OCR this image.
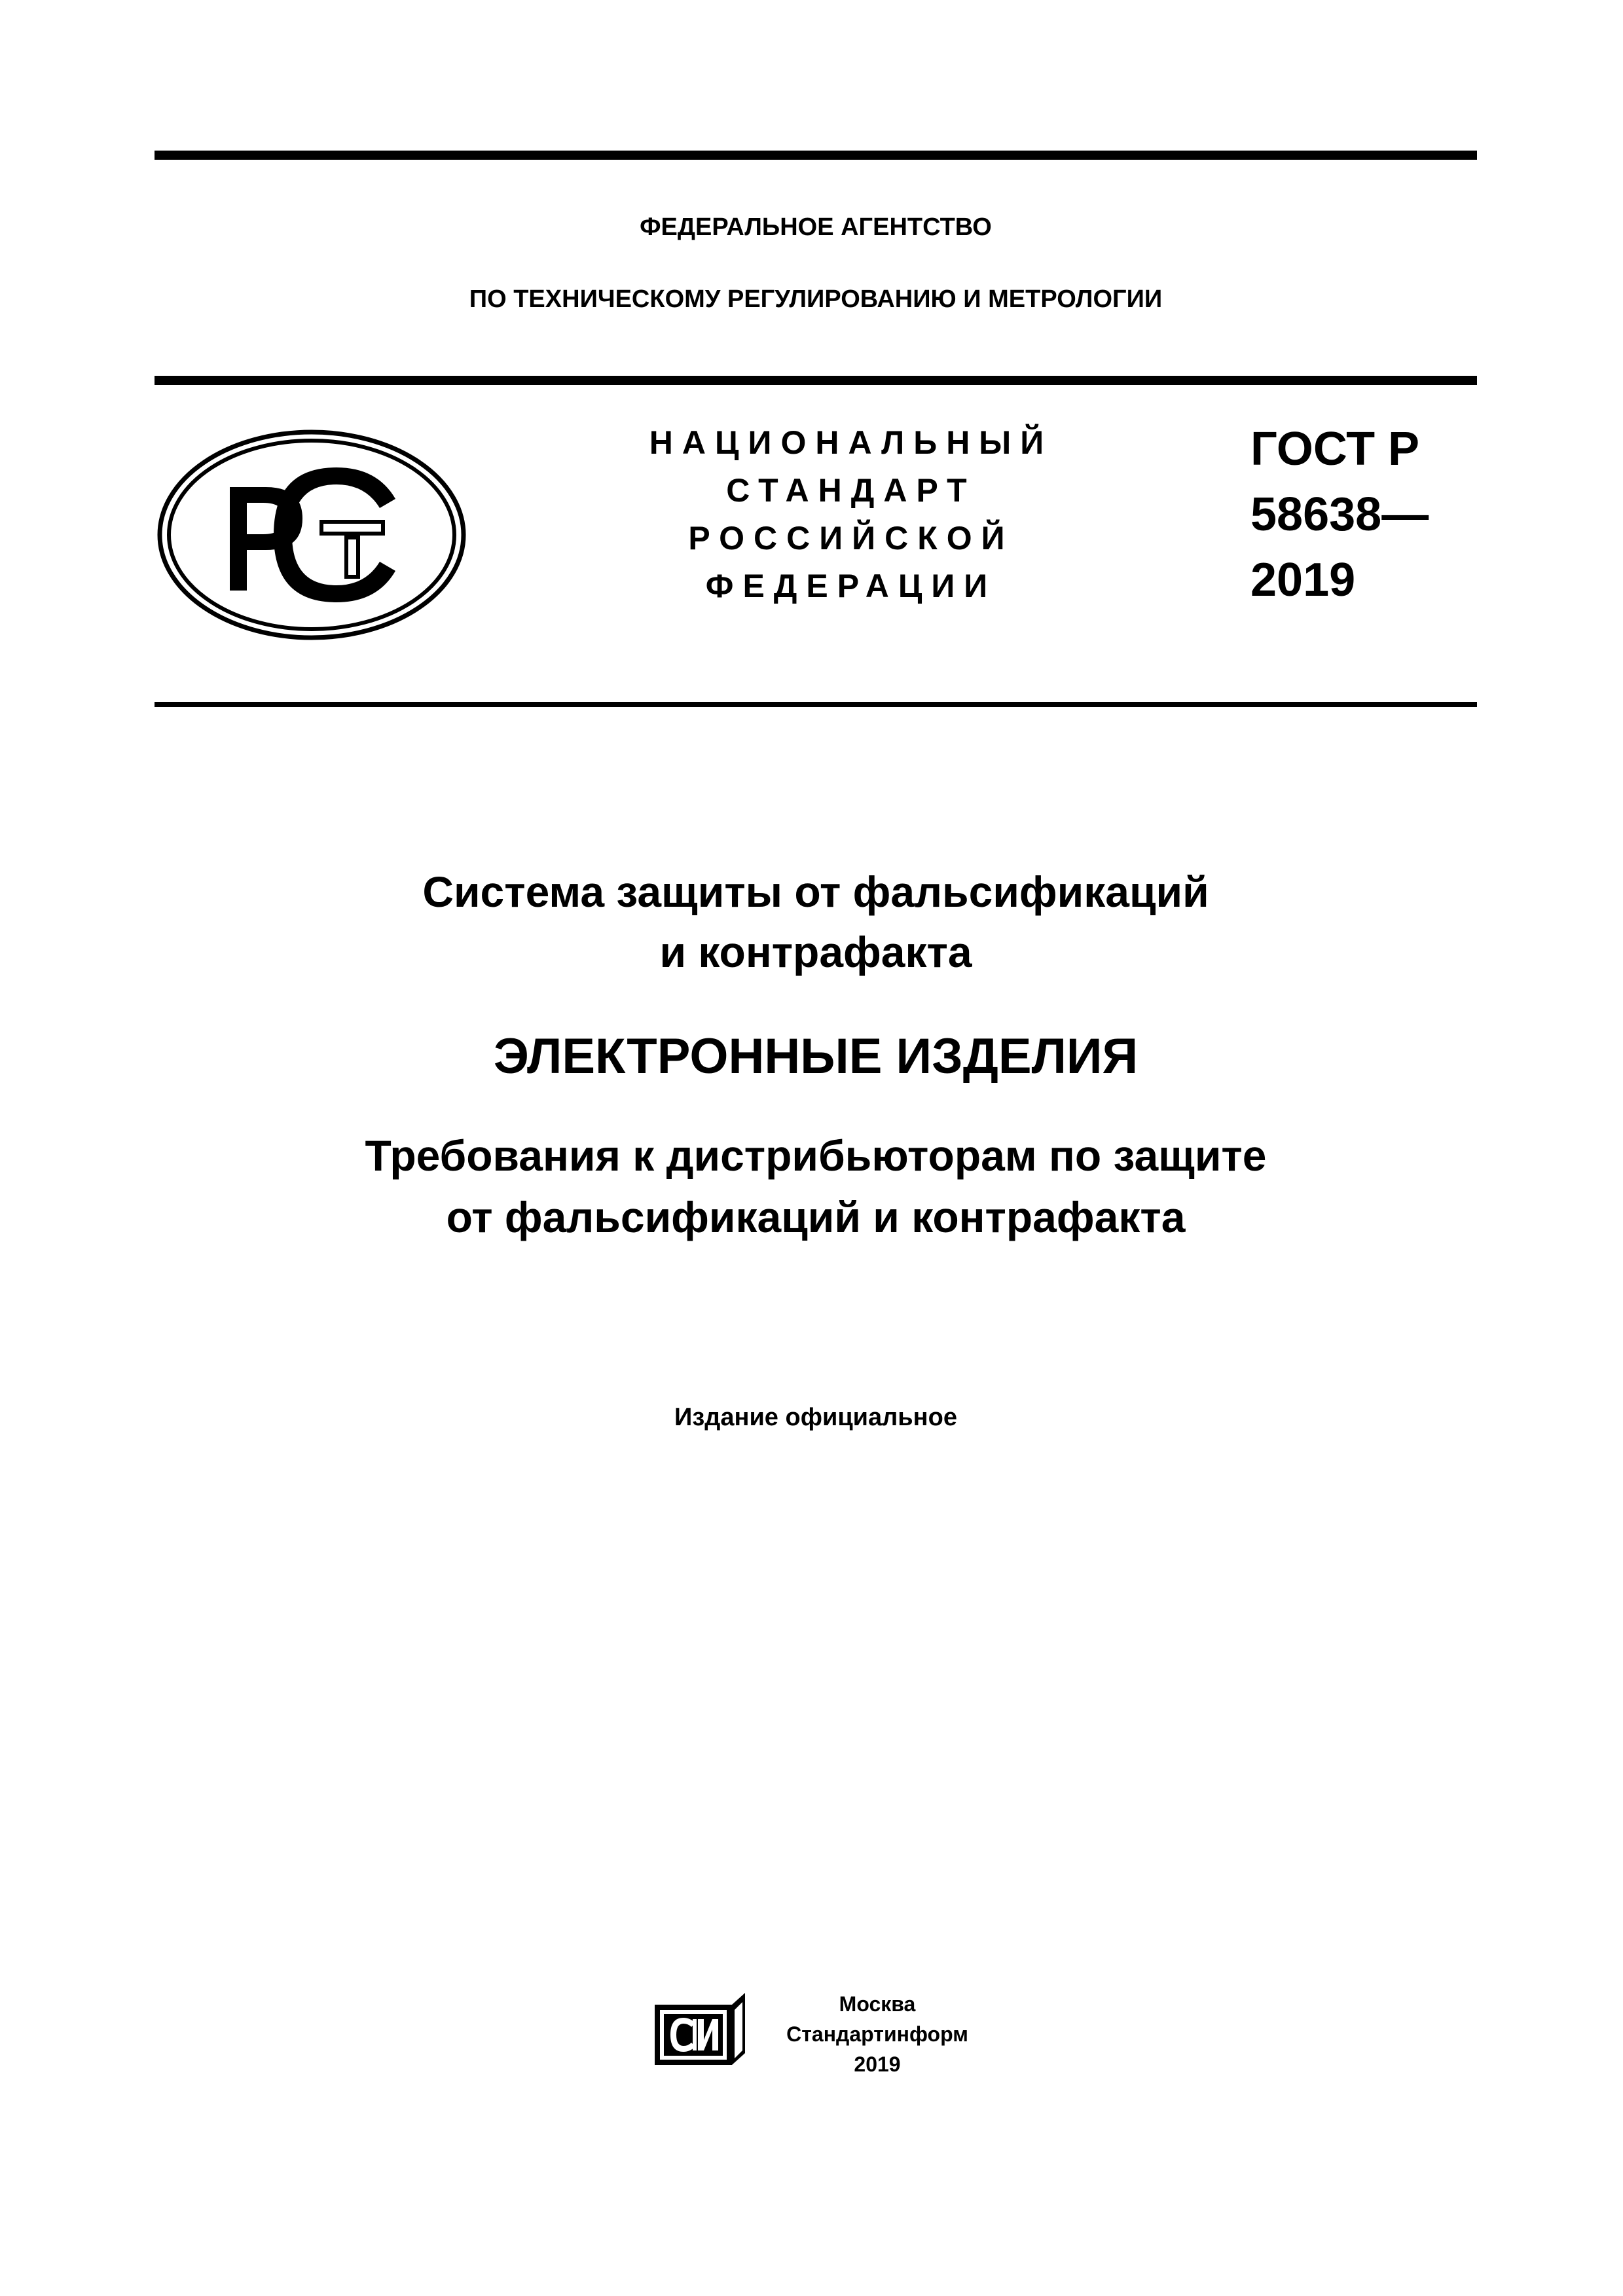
ФЕДЕРАЛЬНОЕ АГЕНТСТВО
ПО ТЕХНИЧЕСКОМУ РЕГУЛИРОВАНИЮ И МЕТРОЛОГИИ
НАЦИОНАЛЬНЫЙ
СТАНДАРТ
РОССИЙСКОЙ
ФЕДЕРАЦИИ
ГОСТ Р
58638—
2019
Система защиты от фальсификаций
и контрафакта
ЭЛЕКТРОННЫЕ ИЗДЕЛИЯ
Требования к дистрибьюторам по защите
от фальсификаций и контрафакта
Издание официальное
Москва
Стандартинформ
2019
